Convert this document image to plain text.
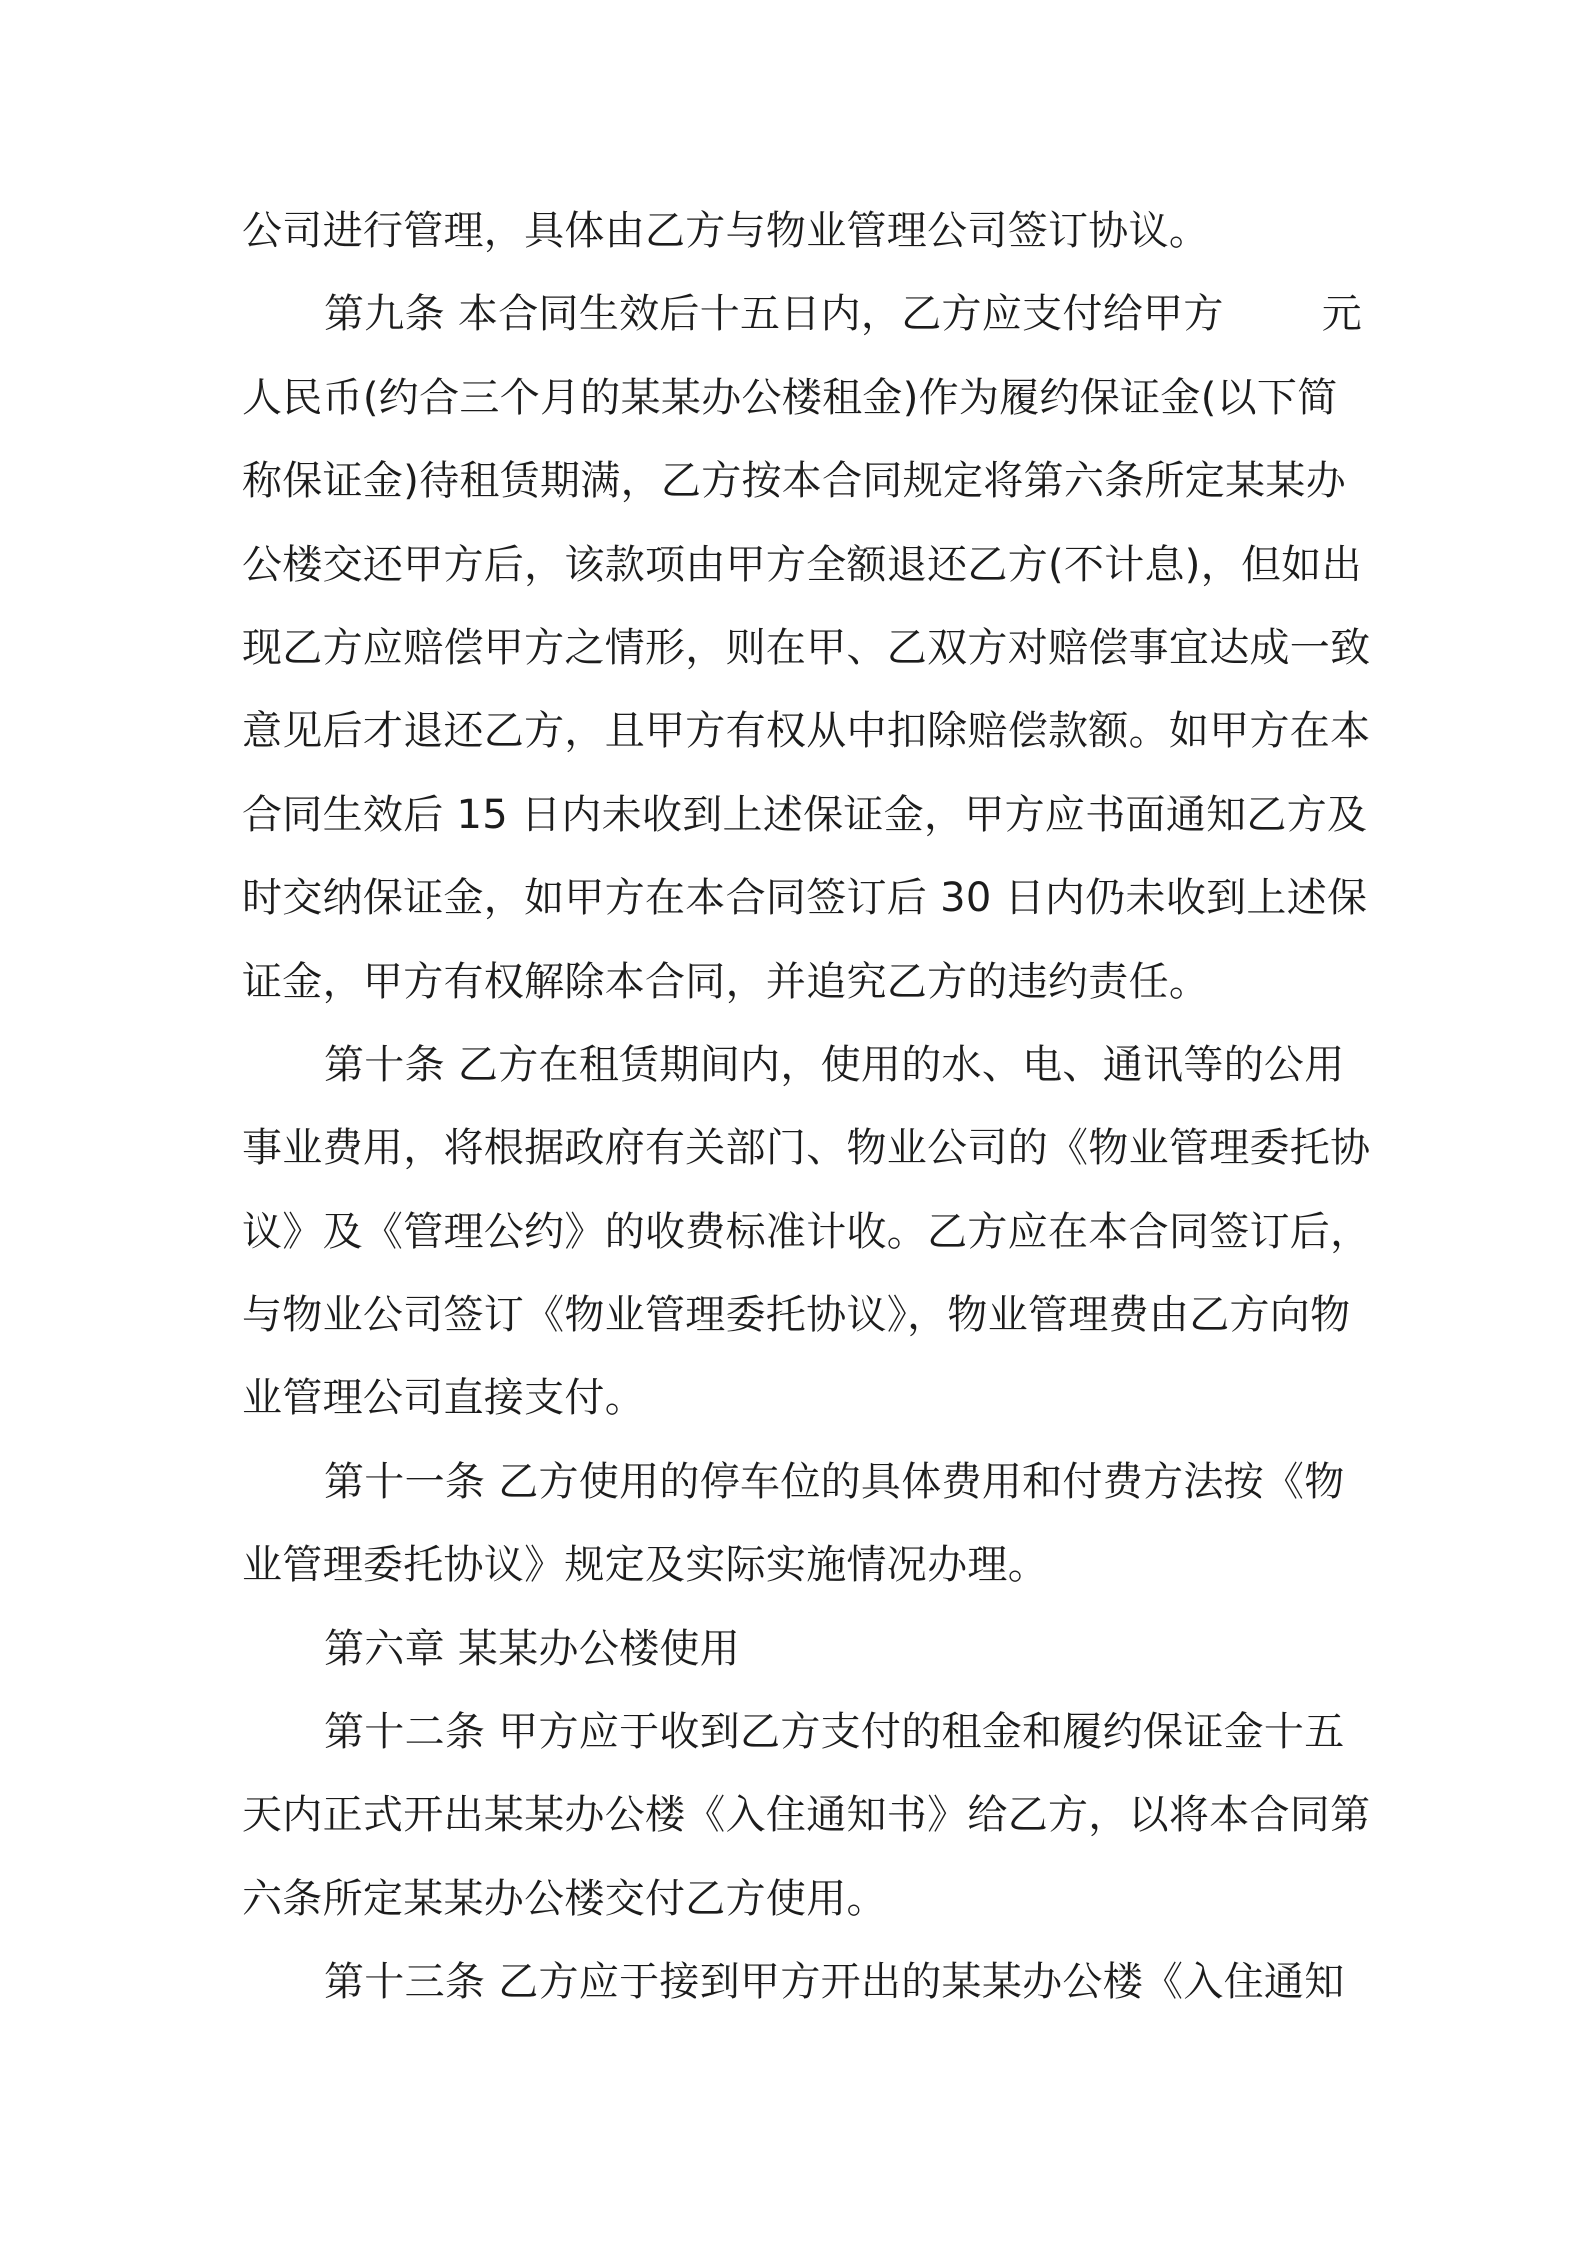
公司进行管理，具体由乙方与物业管理公司签订协议。
第九条 本合同生效后十五日内，乙方应支付给甲方 元
人民币(约合三个月的某某办公楼租金)作为履约保证金(以下简
称保证金)待租赁期满，乙方按本合同规定将第六条所定某某办
公楼交还甲方后，该款项由甲方全额退还乙方(不计息)，但如出
现乙方应赔偿甲方之情形，则在甲、乙双方对赔偿事宜达成一致
意见后才退还乙方，且甲方有权从中扣除赔偿款额。如甲方在本
合同生效后 15 日内未收到上述保证金，甲方应书面通知乙方及
时交纳保证金，如甲方在本合同签订后 30 日内仍未收到上述保
证金，甲方有权解除本合同，并追究乙方的违约责任。
第十条 乙方在租赁期间内，使用的水、电、通讯等的公用
事业费用，将根据政府有关部门、物业公司的《物业管理委托协
议》及《管理公约》的收费标准计收。乙方应在本合同签订后，
与物业公司签订《物业管理委托协议》，物业管理费由乙方向物
业管理公司直接支付。
第十一条 乙方使用的停车位的具体费用和付费方法按《物
业管理委托协议》规定及实际实施情况办理。
第六章 某某办公楼使用
第十二条 甲方应于收到乙方支付的租金和履约保证金十五
天内正式开出某某办公楼《入住通知书》给乙方，以将本合同第
六条所定某某办公楼交付乙方使用。
第十三条 乙方应于接到甲方开出的某某办公楼《入住通知
